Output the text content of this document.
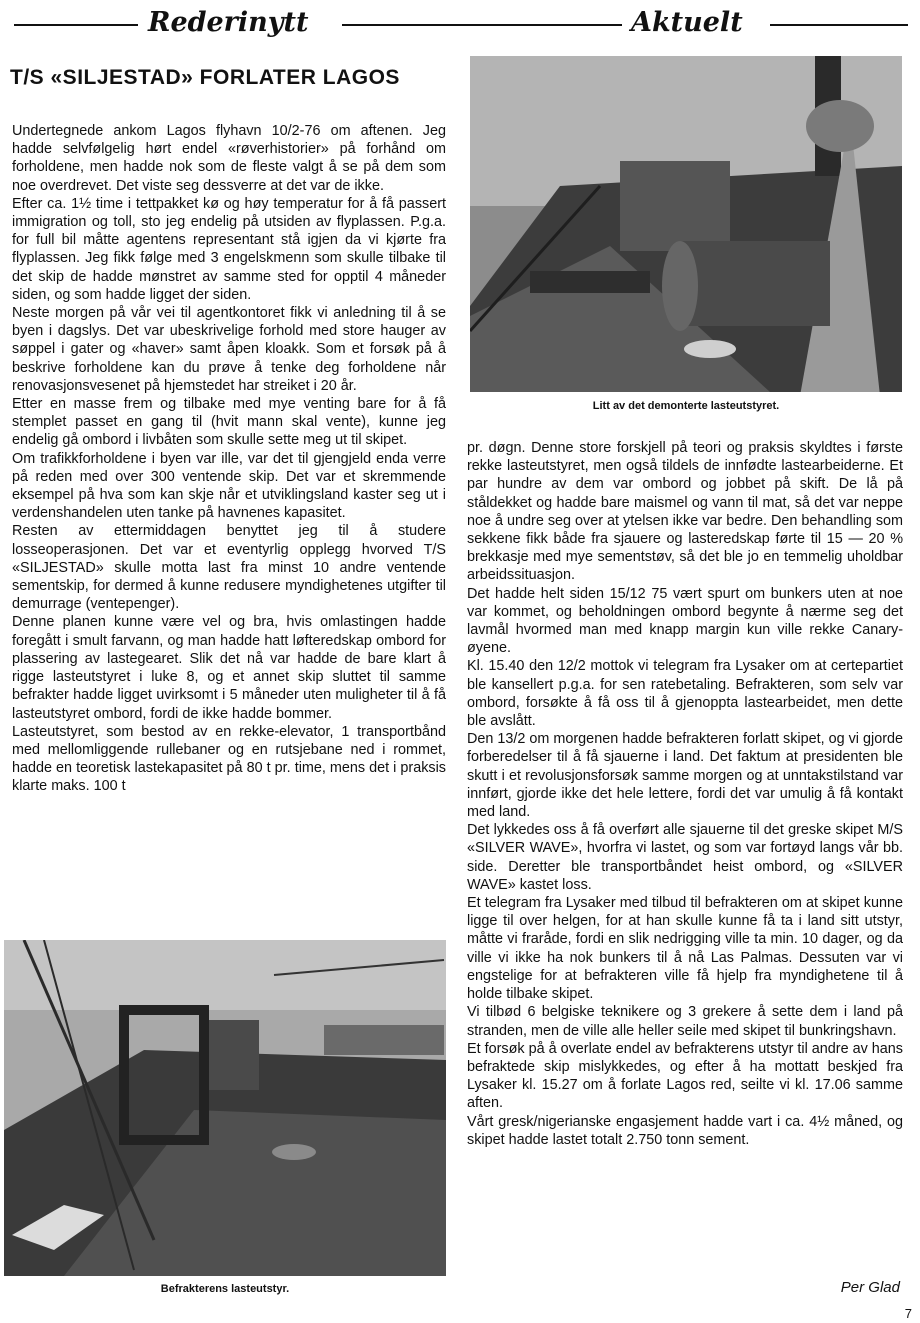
Rederinytt	Aktuelt
T/S «SILJESTAD» FORLATER LAGOS

Undertegnede ankom Lagos flyhavn 10/2-76 om aftenen. Jeg hadde selvfølgelig hørt endel «røverhistorier» på forhånd om forholdene, men hadde nok som de fleste valgt å se på dem som noe overdrevet. Det viste seg dessverre at det var de ikke.

Efter ca. 1½ time i tettpakket kø og høy temperatur for å få passert immigration og toll, sto jeg endelig på utsiden av flyplassen. P.g.a. for full bil måtte agentens representant stå igjen da vi kjørte fra flyplassen. Jeg fikk følge med 3 engelskmenn som skulle tilbake til det skip de hadde mønstret av samme sted for opptil 4 måneder siden, og som hadde ligget der siden.

Neste morgen på vår vei til agentkontoret fikk vi anledning til å se byen i dagslys. Det var ubeskrivelige forhold med store hauger av søppel i gater og «haver» samt åpen kloakk. Som et forsøk på å beskrive forholdene kan du prøve å tenke deg forholdene når renovasjonsvesenet på hjemstedet har streiket i 20 år.

Etter en masse frem og tilbake med mye venting bare for å få stemplet passet en gang til (hvit mann skal vente), kunne jeg endelig gå ombord i livbåten som skulle sette meg ut til skipet.

Om trafikkforholdene i byen var ille, var det til gjengjeld enda verre på reden med over 300 ventende skip. Det var et skremmende eksempel på hva som kan skje når et utviklingsland kaster seg ut i verdenshandelen uten tanke på havnenes kapasitet.

Resten av ettermiddagen benyttet jeg til å studere losseoperasjonen. Det var et eventyrlig opplegg hvorved T/S «SILJESTAD» skulle motta last fra minst 10 andre ventende sementskip, for dermed å kunne redusere myndighetenes utgifter til demurrage (ventepenger).

Denne planen kunne være vel og bra, hvis omlastingen hadde foregått i smult farvann, og man hadde hatt løfteredskap ombord for plassering av lastegearet. Slik det nå var hadde de bare klart å rigge lasteutstyret i luke 8, og et annet skip sluttet til samme befrakter hadde ligget uvirksomt i 5 måneder uten muligheter til å få lasteutstyret ombord, fordi de ikke hadde bommer.

Lasteutstyret, som bestod av en rekke-elevator, 1 transportbånd med mellomliggende rullebaner og en rutsjebane ned i rommet, hadde en teoretisk lastekapasitet på 80 t pr. time, mens det i praksis klarte maks. 100 t

Litt av det demonterte lasteutstyret.

pr. døgn. Denne store forskjell på teori og praksis skyldtes i første rekke lasteutstyret, men også tildels de innfødte lastearbeiderne. Et par hundre av dem var ombord og jobbet på skift. De lå på ståldekket og hadde bare maismel og vann til mat, så det var neppe noe å undre seg over at ytelsen ikke var bedre. Den behandling som sekkene fikk både fra sjauere og lasteredskap førte til 15 — 20 % brekkasje med mye sementstøv, så det ble jo en temmelig uholdbar arbeidssituasjon.

Det hadde helt siden 15/12 75 vært spurt om bunkers uten at noe var kommet, og beholdningen ombord begynte å nærme seg det lavmål hvormed man med knapp margin kun ville rekke Canary-øyene.

Kl. 15.40 den 12/2 mottok vi telegram fra Lysaker om at certepartiet ble kansellert p.g.a. for sen ratebetaling. Befrakteren, som selv var ombord, forsøkte å få oss til å gjenoppta lastearbeidet, men dette ble avslått.

Den 13/2 om morgenen hadde befrakteren forlatt skipet, og vi gjorde forberedelser til å få sjauerne i land. Det faktum at presidenten ble skutt i et revolusjonsforsøk samme morgen og at unntakstilstand var innført, gjorde ikke det hele lettere, fordi det var umulig å få kontakt med land.

Det lykkedes oss å få overført alle sjauerne til det greske skipet M/S «SILVER WAVE», hvorfra vi lastet, og som var fortøyd langs vår bb. side. Deretter ble transportbåndet heist ombord, og «SILVER WAVE» kastet loss.

Et telegram fra Lysaker med tilbud til befrakteren om at skipet kunne ligge til over helgen, for at han skulle kunne få ta i land sitt utstyr, måtte vi fraråde, fordi en slik nedrigging ville ta min. 10 dager, og da ville vi ikke ha nok bunkers til å nå Las Palmas. Dessuten var vi engstelige for at befrakteren ville få hjelp fra myndighetene til å holde tilbake skipet.

Vi tilbød 6 belgiske teknikere og 3 grekere å sette dem i land på stranden, men de ville alle heller seile med skipet til bunkringshavn.

Et forsøk på å overlate endel av befrakterens utstyr til andre av hans befraktede skip mislykkedes, og efter å ha mottatt beskjed fra Lysaker kl. 15.27 om å forlate Lagos red, seilte vi kl. 17.06 samme aften.

Vårt gresk/nigerianske engasjement hadde vart i ca. 4½ måned, og skipet hadde lastet totalt 2.750 tonn sement.

Befrakterens lasteutstyr.	Per Glad
7
